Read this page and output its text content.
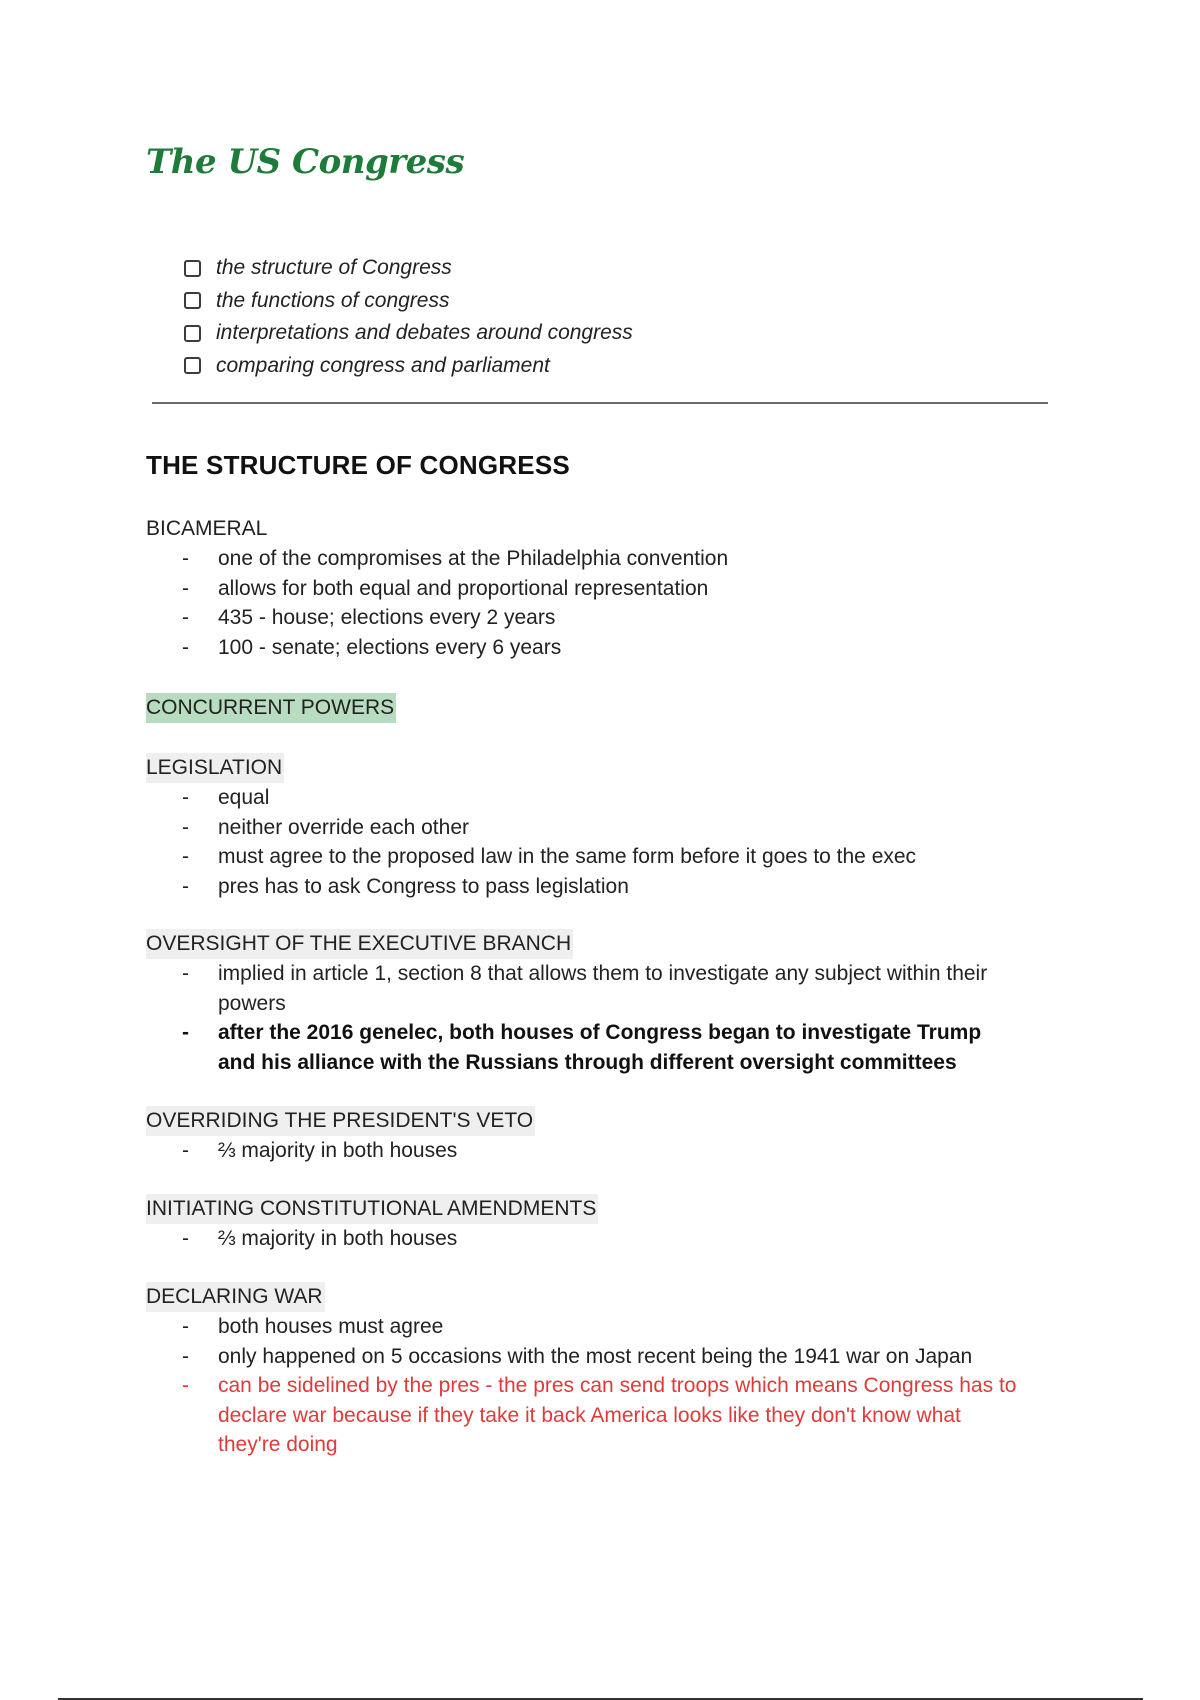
The US Congress
the structure of Congress
the functions of congress
interpretations and debates around congress
comparing congress and parliament
THE STRUCTURE OF CONGRESS
BICAMERAL
- one of the compromises at the Philadelphia convention
- allows for both equal and proportional representation
- 435 - house; elections every 2 years
- 100 - senate; elections every 6 years
CONCURRENT POWERS
LEGISLATION
- equal
- neither override each other
- must agree to the proposed law in the same form before it goes to the exec
- pres has to ask Congress to pass legislation
OVERSIGHT OF THE EXECUTIVE BRANCH
- implied in article 1, section 8 that allows them to investigate any subject within their powers
- after the 2016 genelec, both houses of Congress began to investigate Trump and his alliance with the Russians through different oversight committees
OVERRIDING THE PRESIDENT'S VETO
- ⅔ majority in both houses
INITIATING CONSTITUTIONAL AMENDMENTS
- ⅔ majority in both houses
DECLARING WAR
- both houses must agree
- only happened on 5 occasions with the most recent being the 1941 war on Japan
- can be sidelined by the pres - the pres can send troops which means Congress has to declare war because if they take it back America looks like they don't know what they're doing
